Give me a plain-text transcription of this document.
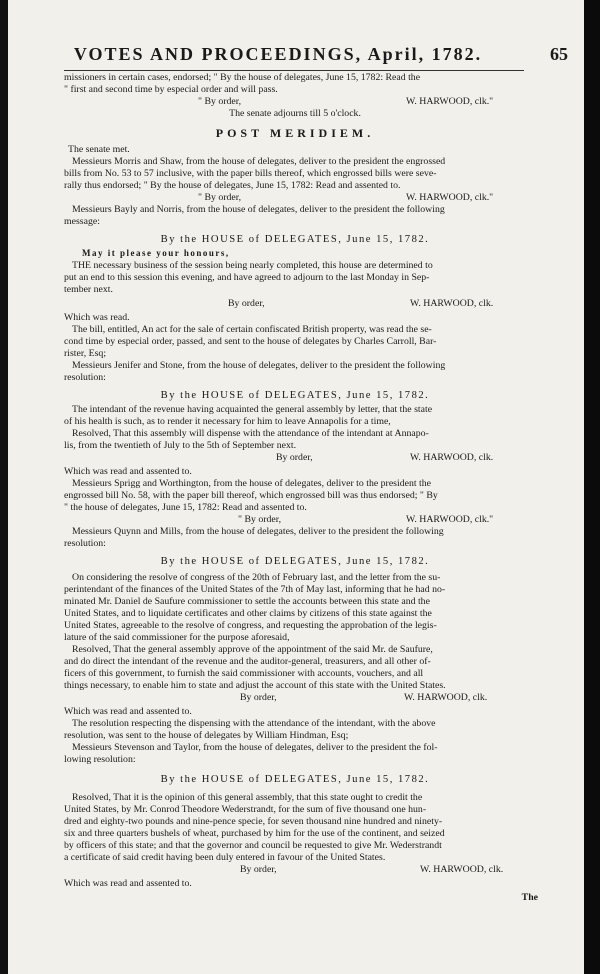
VOTES AND PROCEEDINGS, April, 1782.	65
missioners in certain cases, endorsed; " By the house of delegates, June 15, 1782: Read the
" first and second time by especial order and will pass.
" By order,	W. HARWOOD, clk."
The senate adjourns till 5 o'clock.
POST MERIDIEM.
The senate met.
Messieurs Morris and Shaw, from the house of delegates, deliver to the president the engrossed
bills from No. 53 to 57 inclusive, with the paper bills thereof, which engrossed bills were seve-
rally thus endorsed; " By the house of delegates, June 15, 1782: Read and assented to.
" By order,	W. HARWOOD, clk."
Messieurs Bayly and Norris, from the house of delegates, deliver to the president the following
message:
By the HOUSE of DELEGATES, June 15, 1782.
May it please your honours,
THE necessary business of the session being nearly completed, this house are determined to
put an end to this session this evening, and have agreed to adjourn to the last Monday in Sep-
tember next.
By order,	W. HARWOOD, clk.
Which was read.
The bill, entitled, An act for the sale of certain confiscated British property, was read the se-
cond time by especial order, passed, and sent to the house of delegates by Charles Carroll, Bar-
rister, Esq;
Messieurs Jenifer and Stone, from the house of delegates, deliver to the president the following
resolution:
By the HOUSE of DELEGATES, June 15, 1782.
The intendant of the revenue having acquainted the general assembly by letter, that the state
of his health is such, as to render it necessary for him to leave Annapolis for a time,
Resolved, That this assembly will dispense with the attendance of the intendant at Annapo-
lis, from the twentieth of July to the 5th of September next.
By order,	W. HARWOOD, clk.
Which was read and assented to.
Messieurs Sprigg and Worthington, from the house of delegates, deliver to the president the
engrossed bill No. 58, with the paper bill thereof, which engrossed bill was thus endorsed; " By
" the house of delegates, June 15, 1782: Read and assented to.
" By order,	W. HARWOOD, clk."
Messieurs Quynn and Mills, from the house of delegates, deliver to the president the following
resolution:
By the HOUSE of DELEGATES, June 15, 1782.
On considering the resolve of congress of the 20th of February last, and the letter from the su-
perintendant of the finances of the United States of the 7th of May last, informing that he had no-
minated Mr. Daniel de Saufure commissioner to settle the accounts between this state and the
United States, and to liquidate certificates and other claims by citizens of this state against the
United States, agreeable to the resolve of congress, and requesting the approbation of the legis-
lature of the said commissioner for the purpose aforesaid,
Resolved, That the general assembly approve of the appointment of the said Mr. de Saufure,
and do direct the intendant of the revenue and the auditor-general, treasurers, and all other of-
ficers of this government, to furnish the said commissioner with accounts, vouchers, and all
things necessary, to enable him to state and adjust the account of this state with the United States.
By order,	W. HARWOOD, clk.
Which was read and assented to.
The resolution respecting the dispensing with the attendance of the intendant, with the above
resolution, was sent to the house of delegates by William Hindman, Esq;
Messieurs Stevenson and Taylor, from the house of delegates, deliver to the president the fol-
lowing resolution:
By the HOUSE of DELEGATES, June 15, 1782.
Resolved, That it is the opinion of this general assembly, that this state ought to credit the
United States, by Mr. Conrod Theodore Wederstrandt, for the sum of five thousand one hun-
dred and eighty-two pounds and nine-pence specie, for seven thousand nine hundred and ninety-
six and three quarters bushels of wheat, purchased by him for the use of the continent, and seized
by officers of this state; and that the governor and council be requested to give Mr. Wederstrandt
a certificate of said credit having been duly entered in favour of the United States.
By order,	W. HARWOOD, clk.
Which was read and assented to.
The
